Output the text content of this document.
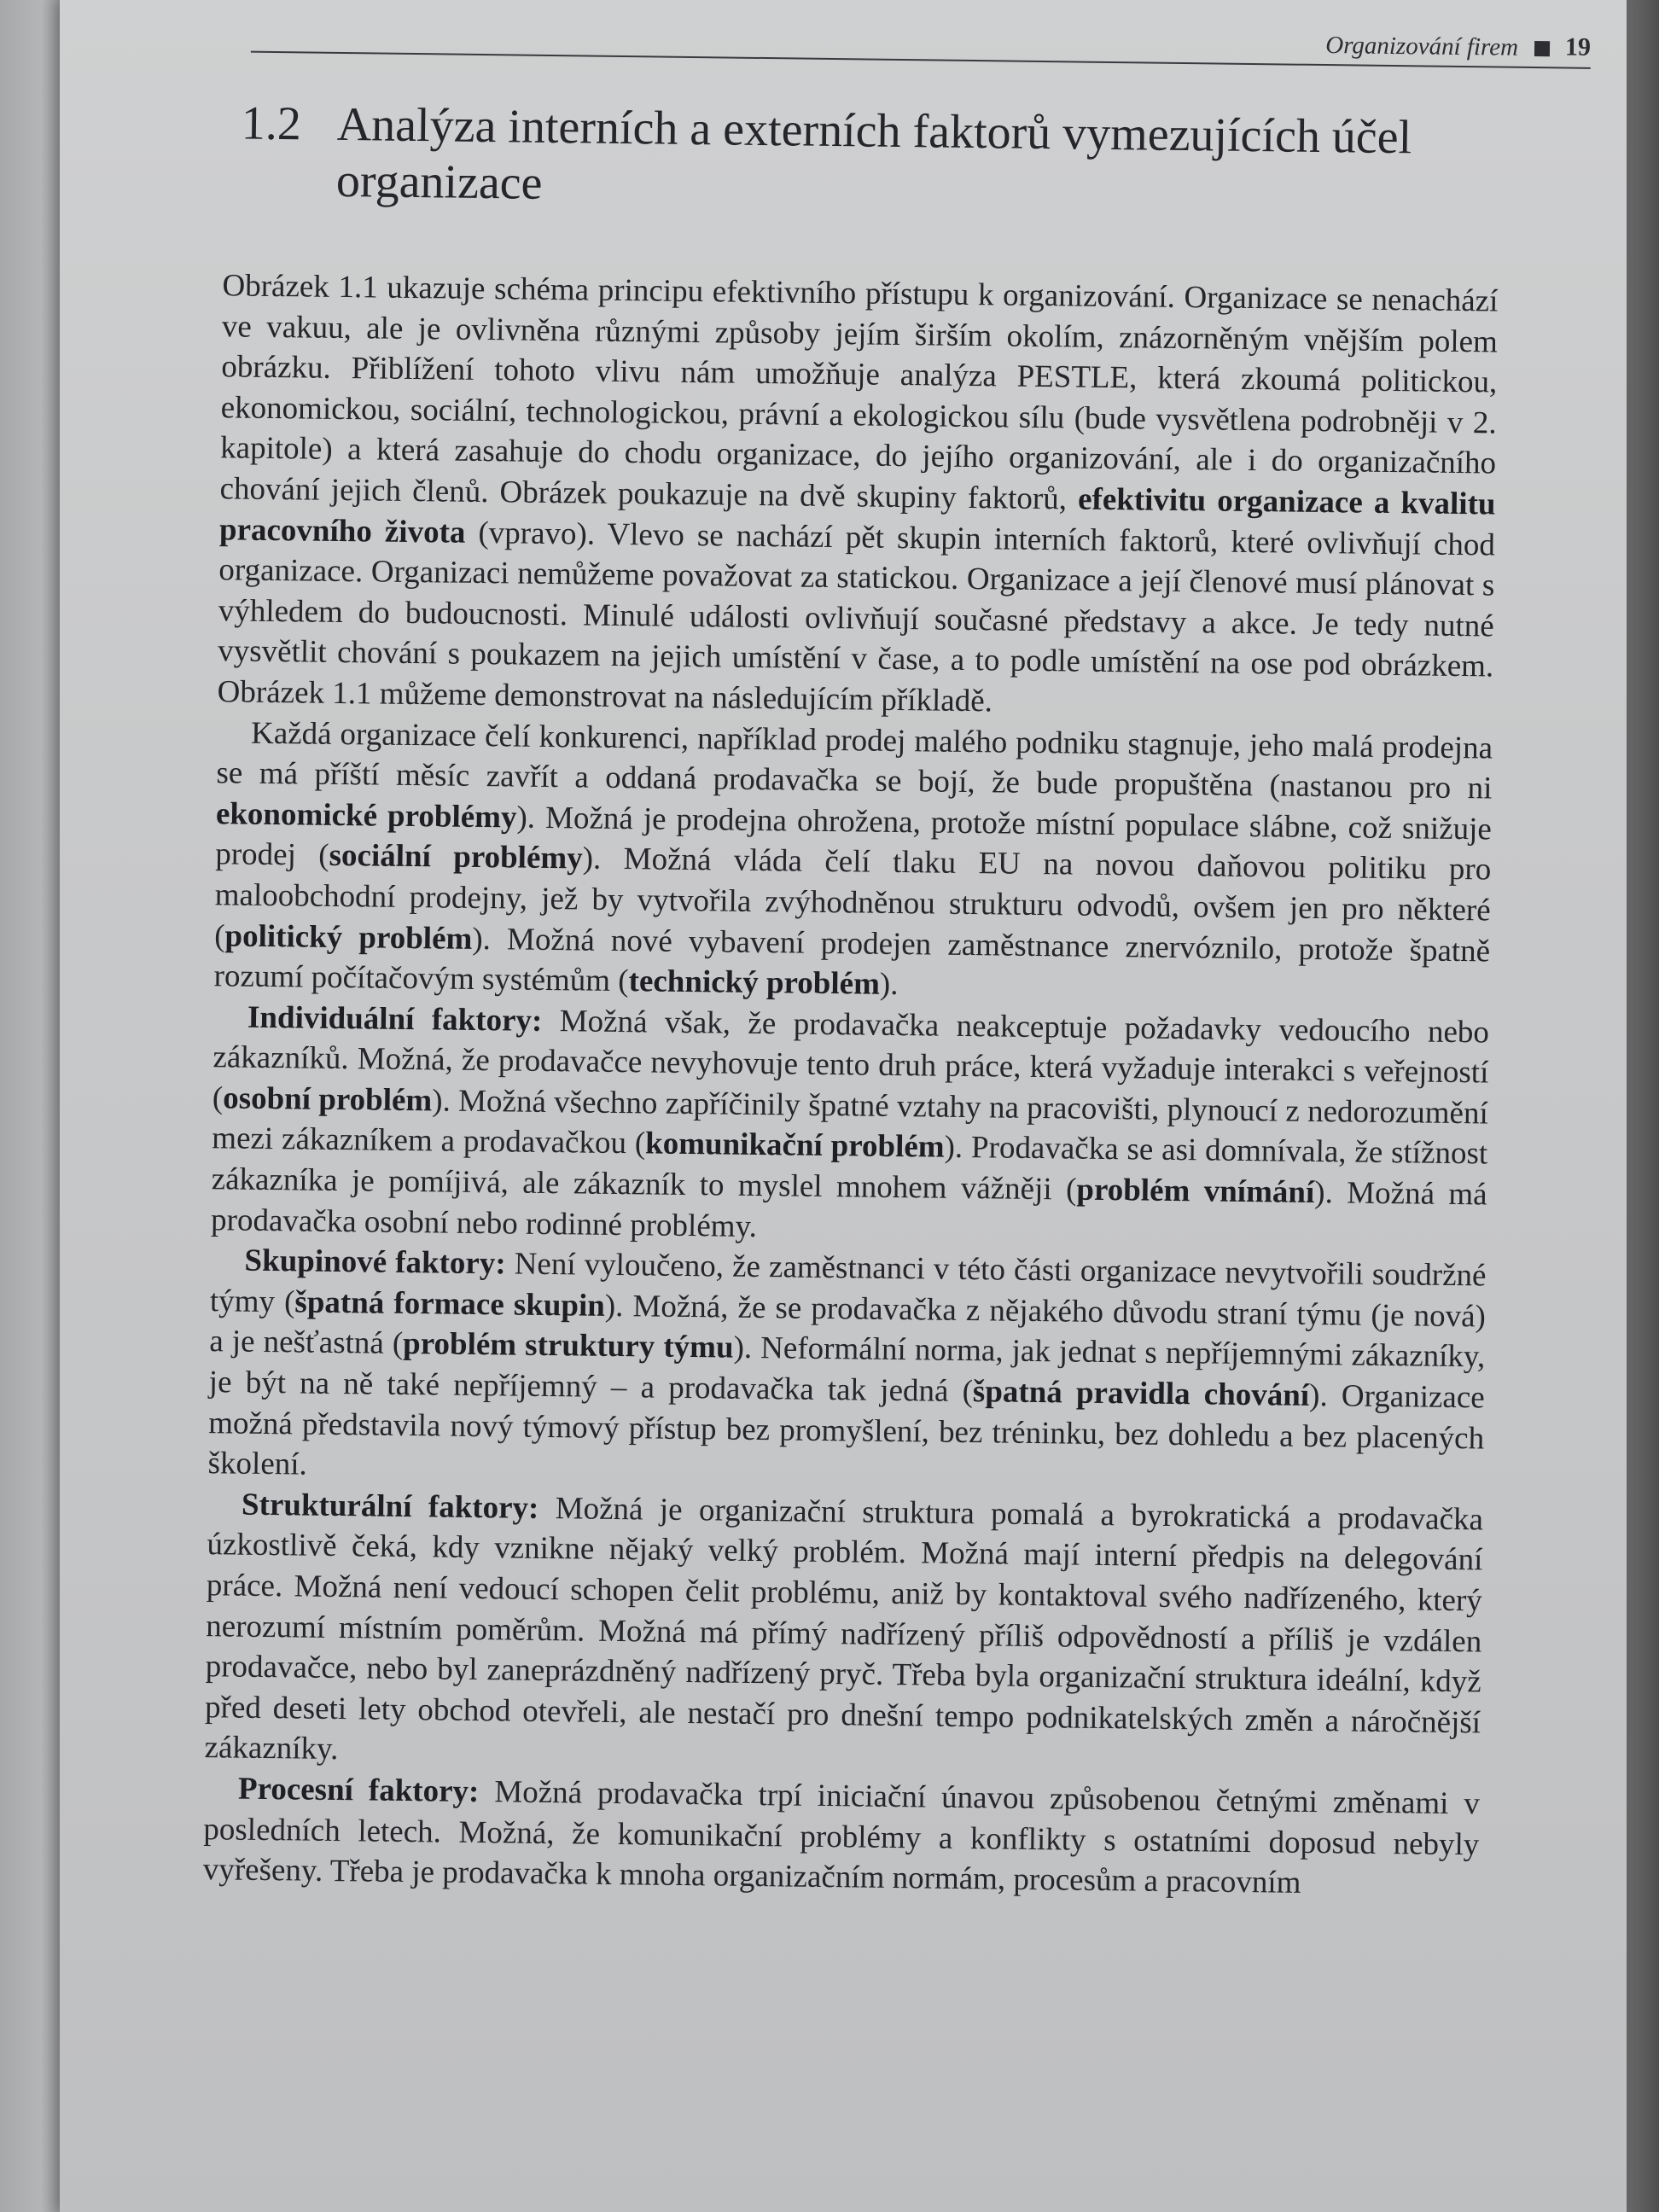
Organizování firem 19
1.2 Analýza interních a externích faktorů vymezujících účel organizace

Obrázek 1.1 ukazuje schéma principu efektivního přístupu k organizování. Organizace se nenachází ve vakuu, ale je ovlivněna různými způsoby jejím širším okolím, znázorněným vnějším polem obrázku. Přiblížení tohoto vlivu nám umožňuje analýza PESTLE, která zkoumá politickou, ekonomickou, sociální, technologickou, právní a ekologickou sílu (bude vysvětlena podrobněji v 2. kapitole) a která zasahuje do chodu organizace, do jejího organizování, ale i do organizačního chování jejich členů. Obrázek poukazuje na dvě skupiny faktorů, efektivitu organizace a kvalitu pracovního života (vpravo). Vlevo se nachází pět skupin interních faktorů, které ovlivňují chod organizace. Organizaci nemůžeme považovat za statickou. Organizace a její členové musí plánovat s výhledem do budoucnosti. Minulé události ovlivňují současné představy a akce. Je tedy nutné vysvětlit chování s poukazem na jejich umístění v čase, a to podle umístění na ose pod obrázkem. Obrázek 1.1 můžeme demonstrovat na následujícím příkladě.

Každá organizace čelí konkurenci, například prodej malého podniku stagnuje, jeho malá prodejna se má příští měsíc zavřít a oddaná prodavačka se bojí, že bude propuštěna (nastanou pro ni ekonomické problémy). Možná je prodejna ohrožena, protože místní populace slábne, což snižuje prodej (sociální problémy). Možná vláda čelí tlaku EU na novou daňovou politiku pro maloobchodní prodejny, jež by vytvořila zvýhodněnou strukturu odvodů, ovšem jen pro některé (politický problém). Možná nové vybavení prodejen zaměstnance znervóznilo, protože špatně rozumí počítačovým systémům (technický problém).

Individuální faktory: Možná však, že prodavačka neakceptuje požadavky vedoucího nebo zákazníků. Možná, že prodavačce nevyhovuje tento druh práce, která vyžaduje interakci s veřejností (osobní problém). Možná všechno zapříčinily špatné vztahy na pracovišti, plynoucí z nedorozumění mezi zákazníkem a prodavačkou (komunikační problém). Prodavačka se asi domnívala, že stížnost zákazníka je pomíjivá, ale zákazník to myslel mnohem vážněji (problém vnímání). Možná má prodavačka osobní nebo rodinné problémy.

Skupinové faktory: Není vyloučeno, že zaměstnanci v této části organizace nevytvořili soudržné týmy (špatná formace skupin). Možná, že se prodavačka z nějakého důvodu straní týmu (je nová) a je nešťastná (problém struktury týmu). Neformální norma, jak jednat s nepříjemnými zákazníky, je být na ně také nepříjemný – a prodavačka tak jedná (špatná pravidla chování). Organizace možná představila nový týmový přístup bez promyšlení, bez tréninku, bez dohledu a bez placených školení.

Strukturální faktory: Možná je organizační struktura pomalá a byrokratická a prodavačka úzkostlivě čeká, kdy vznikne nějaký velký problém. Možná mají interní předpis na delegování práce. Možná není vedoucí schopen čelit problému, aniž by kontaktoval svého nadřízeného, který nerozumí místním poměrům. Možná má přímý nadřízený příliš odpovědností a příliš je vzdálen prodavačce, nebo byl zaneprázdněný nadřízený pryč. Třeba byla organizační struktura ideální, když před deseti lety obchod otevřeli, ale nestačí pro dnešní tempo podnikatelských změn a náročnější zákazníky.

Procesní faktory: Možná prodavačka trpí iniciační únavou způsobenou četnými změnami v posledních letech. Možná, že komunikační problémy a konflikty s ostatními doposud nebyly vyřešeny. Třeba je prodavačka k mnoha organizačním normám, procesům a pracovním
